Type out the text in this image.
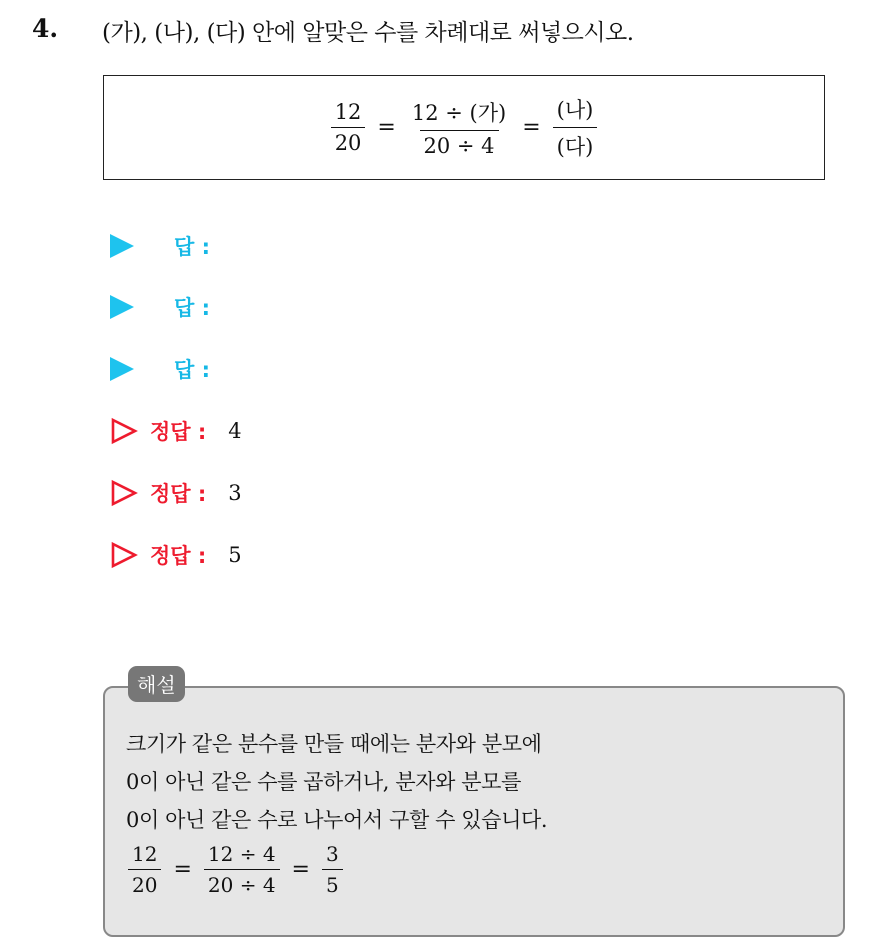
4. (가), (나), (다) 안에 알맞은 수를 차례대로 써넣으시오.
$\frac{12}{20} = \frac{\text{12 ÷ (가)}}{20 \div 4} = \frac{\text{(나)}}{\text{(다)}}$
답 :
답 :
답 :
정답 : 4
정답 : 3
정답 : 5
해설
크기가 같은 분수를 만들 때에는 분자와 분모에
0이 아닌 같은 수를 곱하거나, 분자와 분모를
0이 아닌 같은 수로 나누어서 구할 수 있습니다.
$\frac{12}{20} = \frac{12 \div 4}{20 \div 4} = \frac{3}{5}$
